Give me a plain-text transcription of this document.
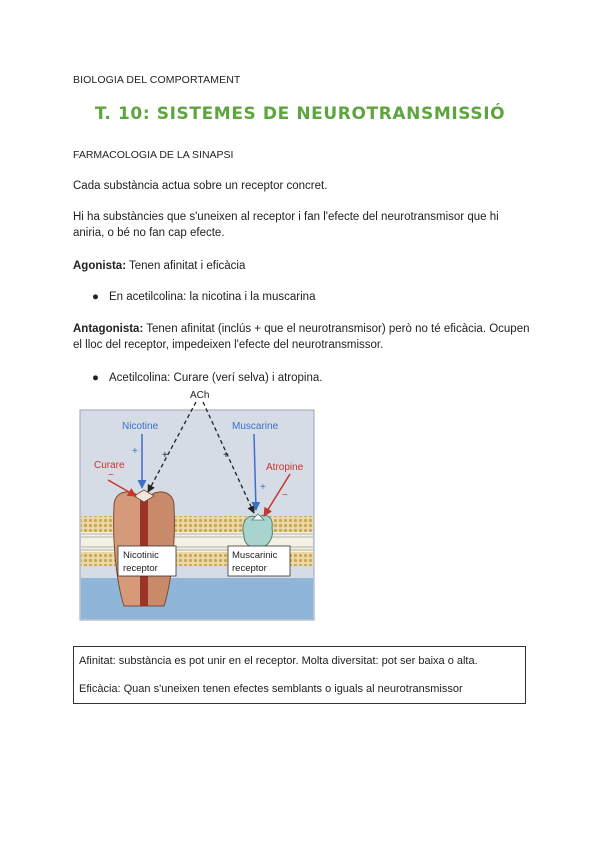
BIOLOGIA DEL COMPORTAMENT

T. 10: SISTEMES DE NEUROTRANSMISSIÓ

FARMACOLOGIA DE LA SINAPSI

Cada substància actua sobre un receptor concret.

Hi ha substàncies que s'uneixen al receptor i fan l'efecte del neurotransmisor que hi aniria, o bé no fan cap efecte.

Agonista: Tenen afinitat i eficàcia

● En acetilcolina: la nicotina i la muscarina

Antagonista: Tenen afinitat (inclús + que el neurotransmisor) però no té eficàcia. Ocupen el lloc del receptor, impedeixen l'efecte del neurotransmissor.

● Acetilcolina: Curare (verí selva) i atropina.
ACh
Nicotine	Muscarine
Curare	Atropine
+ +	+
+
−
−
Nicotinic
receptor
Muscarinic
receptor

Afinitat: substància es pot unir en el receptor. Molta diversitat: pot ser baixa o alta.

Eficàcia: Quan s'uneixen tenen efectes semblants o iguals al neurotransmissor
